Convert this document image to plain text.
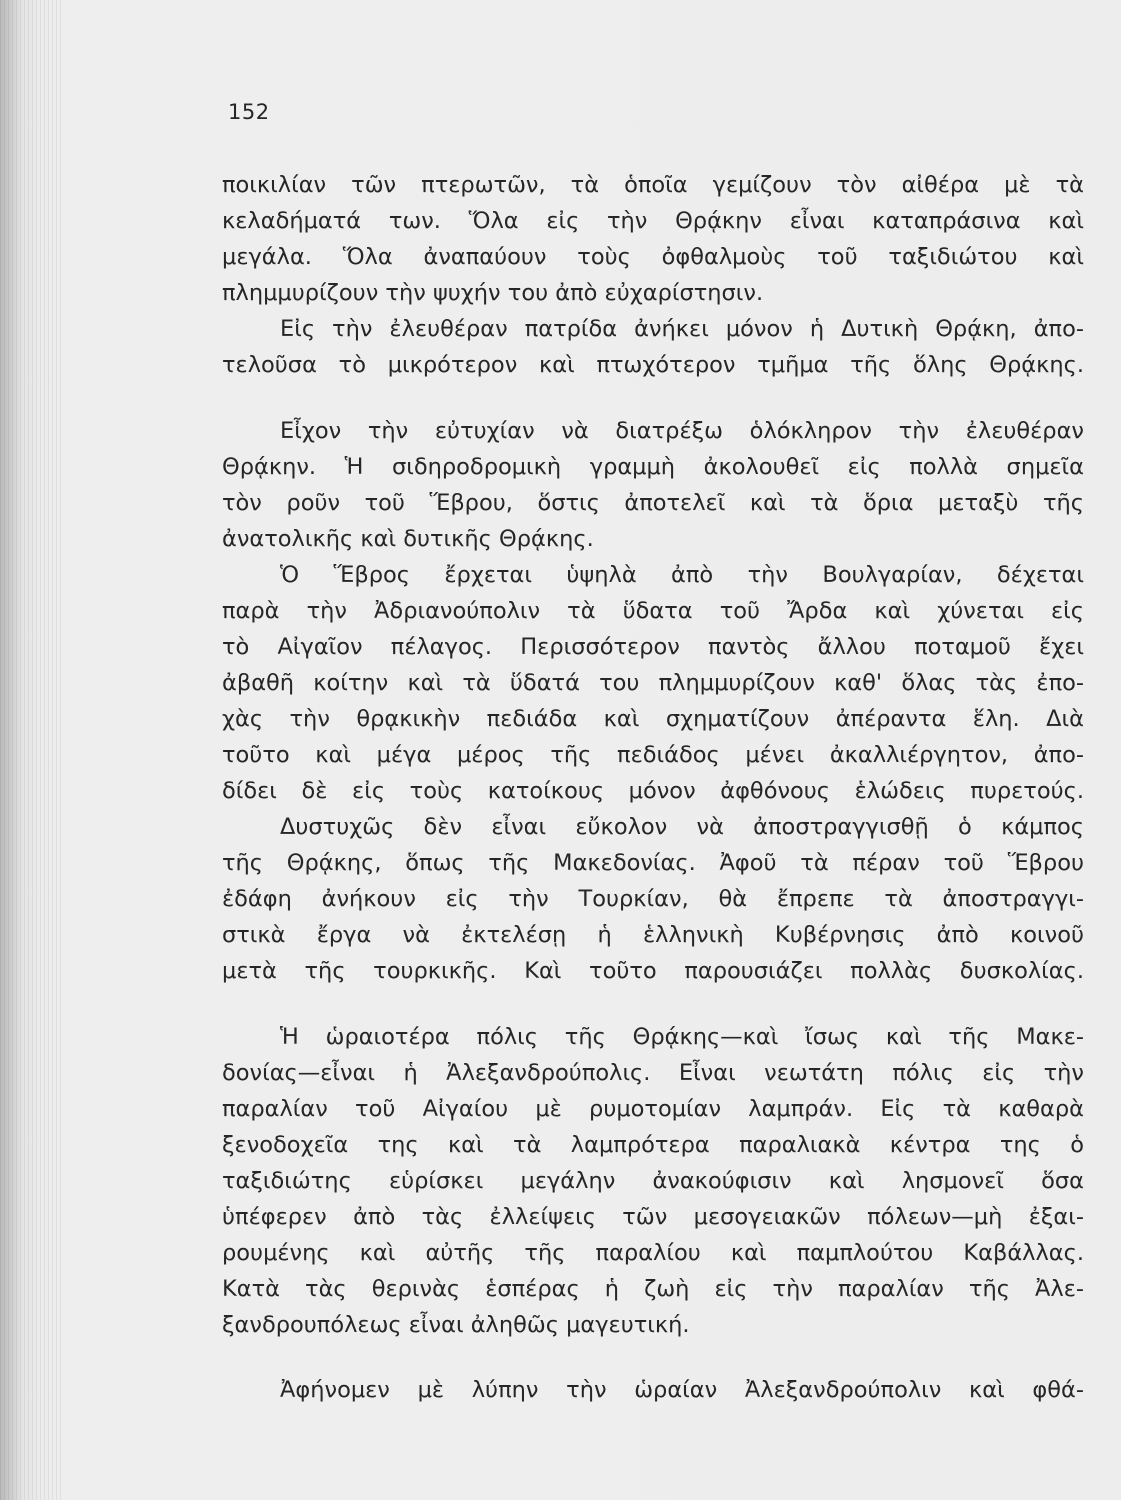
152
ποικιλίαν τῶν πτερωτῶν, τὰ ὁποῖα γεμίζουν τὸν αἰθέρα μὲ τὰ
κελαδήματά των. Ὅλα εἰς τὴν Θρᾴκην εἶναι καταπράσινα καὶ
μεγάλα. Ὅλα ἀναπαύουν τοὺς ὀφθαλμοὺς τοῦ ταξιδιώτου καὶ
πλημμυρίζουν τὴν ψυχήν του ἀπὸ εὐχαρίστησιν.
Εἰς τὴν ἐλευθέραν πατρίδα ἀνήκει μόνον ἡ Δυτικὴ Θρᾴκη, ἀπο-
τελοῦσα τὸ μικρότερον καὶ πτωχότερον τμῆμα τῆς ὅλης Θρᾴκης.
Εἶχον τὴν εὐτυχίαν νὰ διατρέξω ὁλόκληρον τὴν ἐλευθέραν
Θρᾴκην. Ἡ σιδηροδρομικὴ γραμμὴ ἀκολουθεῖ εἰς πολλὰ σημεῖα
τὸν ροῦν τοῦ Ἕβρου, ὅστις ἀποτελεῖ καὶ τὰ ὅρια μεταξὺ τῆς
ἀνατολικῆς καὶ δυτικῆς Θρᾴκης.
Ὁ Ἕβρος ἔρχεται ὑψηλὰ ἀπὸ τὴν Βουλγαρίαν, δέχεται
παρὰ τὴν Ἀδριανούπολιν τὰ ὕδατα τοῦ Ἄρδα καὶ χύνεται εἰς
τὸ Αἰγαῖον πέλαγος. Περισσότερον παντὸς ἄλλου ποταμοῦ ἔχει
ἀβαθῆ κοίτην καὶ τὰ ὕδατά του πλημμυρίζουν καθ' ὅλας τὰς ἐπο-
χὰς τὴν θρᾳκικὴν πεδιάδα καὶ σχηματίζουν ἀπέραντα ἕλη. Διὰ
τοῦτο καὶ μέγα μέρος τῆς πεδιάδος μένει ἀκαλλιέργητον, ἀπο-
δίδει δὲ εἰς τοὺς κατοίκους μόνον ἀφθόνους ἑλώδεις πυρετούς.
Δυστυχῶς δὲν εἶναι εὔκολον νὰ ἀποστραγγισθῇ ὁ κάμπος
τῆς Θρᾴκης, ὅπως τῆς Μακεδονίας. Ἀφοῦ τὰ πέραν τοῦ Ἕβρου
ἐδάφη ἀνήκουν εἰς τὴν Τουρκίαν, θὰ ἔπρεπε τὰ ἀποστραγγι-
στικὰ ἔργα νὰ ἐκτελέσῃ ἡ ἑλληνικὴ Κυβέρνησις ἀπὸ κοινοῦ
μετὰ τῆς τουρκικῆς. Καὶ τοῦτο παρουσιάζει πολλὰς δυσκολίας.
Ἡ ὡραιοτέρα πόλις τῆς Θρᾴκης—καὶ ἴσως καὶ τῆς Μακε-
δονίας—εἶναι ἡ Ἀλεξανδρούπολις. Εἶναι νεωτάτη πόλις εἰς τὴν
παραλίαν τοῦ Αἰγαίου μὲ ρυμοτομίαν λαμπράν. Εἰς τὰ καθαρὰ
ξενοδοχεῖα της καὶ τὰ λαμπρότερα παραλιακὰ κέντρα της ὁ
ταξιδιώτης εὑρίσκει μεγάλην ἀνακούφισιν καὶ λησμονεῖ ὅσα
ὑπέφερεν ἀπὸ τὰς ἐλλείψεις τῶν μεσογειακῶν πόλεων—μὴ ἐξαι-
ρουμένης καὶ αὐτῆς τῆς παραλίου καὶ παμπλούτου Καβάλλας.
Κατὰ τὰς θερινὰς ἑσπέρας ἡ ζωὴ εἰς τὴν παραλίαν τῆς Ἀλε-
ξανδρουπόλεως εἶναι ἀληθῶς μαγευτική.
Ἀφήνομεν μὲ λύπην τὴν ὡραίαν Ἀλεξανδρούπολιν καὶ φθά-
